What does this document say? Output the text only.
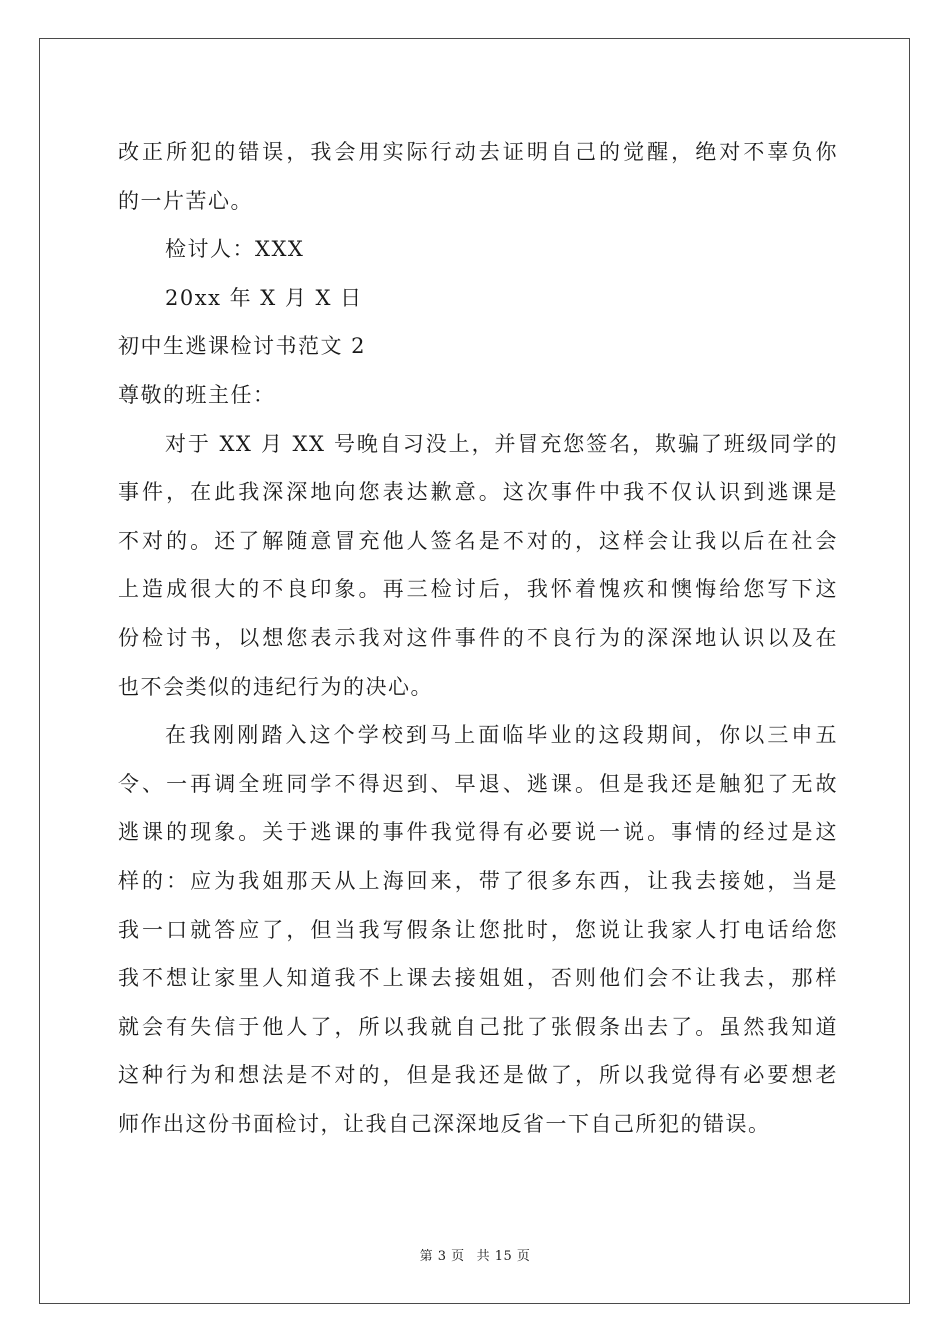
改正所犯的错误，我会用实际行动去证明自己的觉醒，绝对不辜负你
的一片苦心。
检讨人：XXX
20xx 年 X 月 X 日
初中生逃课检讨书范文 2
尊敬的班主任：
对于 XX 月 XX 号晚自习没上，并冒充您签名，欺骗了班级同学的
事件，在此我深深地向您表达歉意。这次事件中我不仅认识到逃课是
不对的。还了解随意冒充他人签名是不对的，这样会让我以后在社会
上造成很大的不良印象。再三检讨后，我怀着愧疚和懊悔给您写下这
份检讨书，以想您表示我对这件事件的不良行为的深深地认识以及在
也不会类似的违纪行为的决心。
在我刚刚踏入这个学校到马上面临毕业的这段期间，你以三申五
令、一再调全班同学不得迟到、早退、逃课。但是我还是触犯了无故
逃课的现象。关于逃课的事件我觉得有必要说一说。事情的经过是这
样的：应为我姐那天从上海回来，带了很多东西，让我去接她，当是
我一口就答应了，但当我写假条让您批时，您说让我家人打电话给您
我不想让家里人知道我不上课去接姐姐，否则他们会不让我去，那样
就会有失信于他人了，所以我就自己批了张假条出去了。虽然我知道
这种行为和想法是不对的，但是我还是做了，所以我觉得有必要想老
师作出这份书面检讨，让我自己深深地反省一下自己所犯的错误。
第 3 页 共 15 页
